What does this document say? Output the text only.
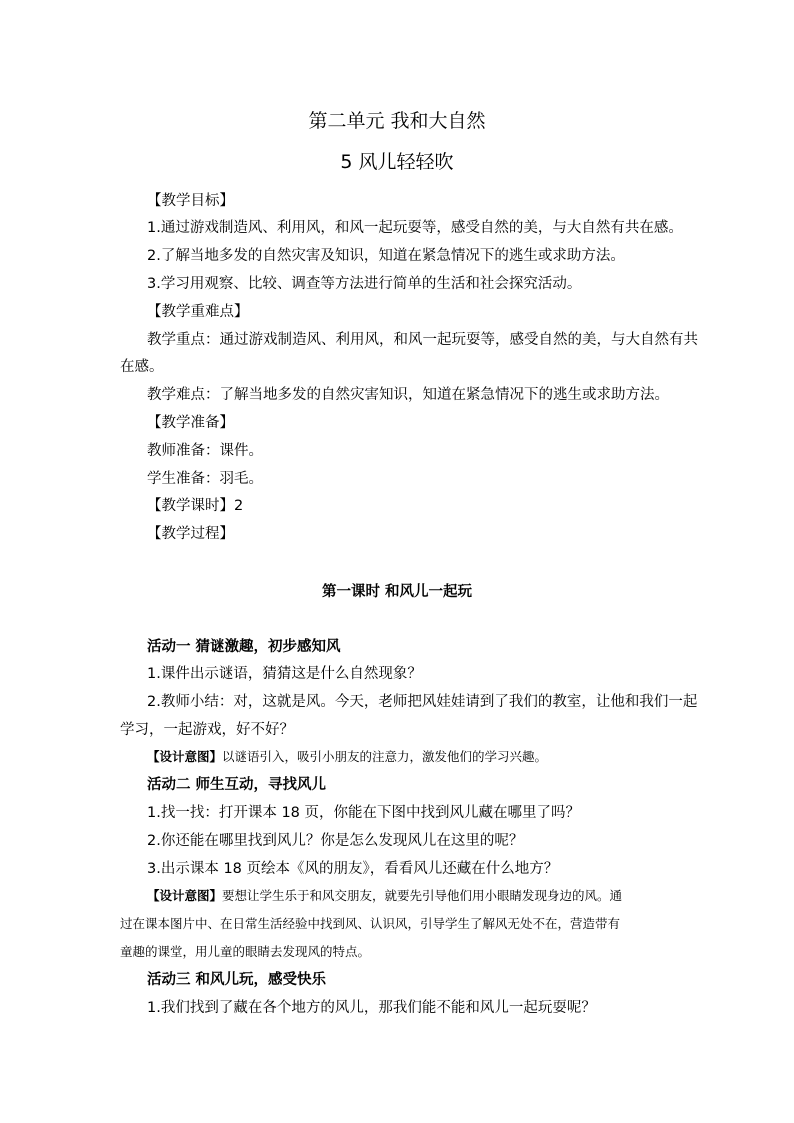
第二单元 我和大自然
5 风儿轻轻吹
【教学目标】
1.通过游戏制造风、利用风，和风一起玩耍等，感受自然的美，与大自然有共在感。
2.了解当地多发的自然灾害及知识，知道在紧急情况下的逃生或求助方法。
3.学习用观察、比较、调查等方法进行简单的生活和社会探究活动。
【教学重难点】
教学重点：通过游戏制造风、利用风，和风一起玩耍等，感受自然的美，与大自然有共
在感。
教学难点：了解当地多发的自然灾害知识，知道在紧急情况下的逃生或求助方法。
【教学准备】
教师准备：课件。
学生准备：羽毛。
【教学课时】2
【教学过程】
第一课时 和风儿一起玩
活动一 猜谜激趣，初步感知风
1.课件出示谜语，猜猜这是什么自然现象？
2.教师小结：对，这就是风。今天，老师把风娃娃请到了我们的教室，让他和我们一起
学习，一起游戏，好不好？
【设计意图】以谜语引入，吸引小朋友的注意力，激发他们的学习兴趣。
活动二 师生互动，寻找风儿
1.找一找：打开课本 18 页，你能在下图中找到风儿藏在哪里了吗？
2.你还能在哪里找到风儿？你是怎么发现风儿在这里的呢？
3.出示课本 18 页绘本《风的朋友》，看看风儿还藏在什么地方？
【设计意图】要想让学生乐于和风交朋友，就要先引导他们用小眼睛发现身边的风。通
过在课本图片中、在日常生活经验中找到风、认识风，引导学生了解风无处不在，营造带有
童趣的课堂，用儿童的眼睛去发现风的特点。
活动三 和风儿玩，感受快乐
1.我们找到了藏在各个地方的风儿，那我们能不能和风儿一起玩耍呢？
